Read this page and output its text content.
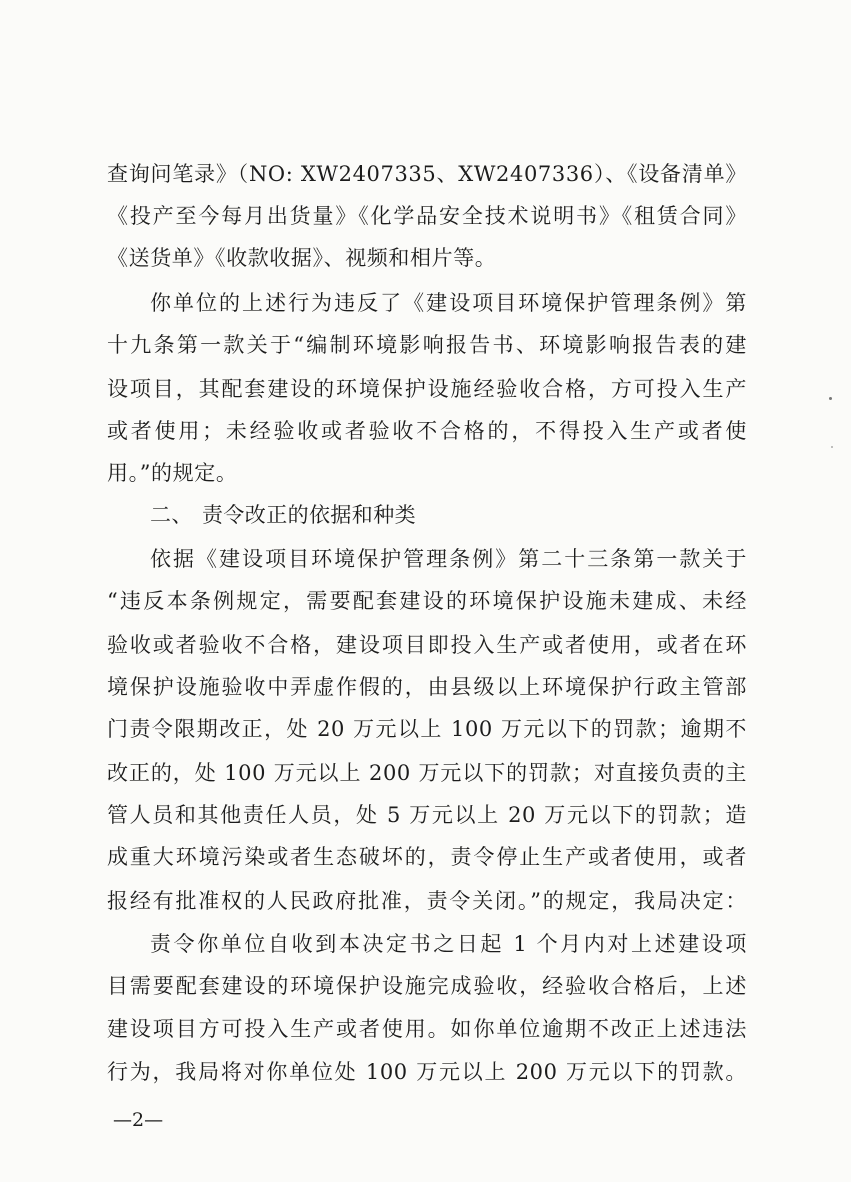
查询问笔录》（NO: XW2407335、XW2407336）、《设备清单》
《投产至今每月出货量》《化学品安全技术说明书》《租赁合同》
《送货单》《收款收据》、视频和相片等。
你单位的上述行为违反了《建设项目环境保护管理条例》第
十九条第一款关于“编制环境影响报告书、环境影响报告表的建
设项目，其配套建设的环境保护设施经验收合格，方可投入生产
或者使用；未经验收或者验收不合格的，不得投入生产或者使
用。”的规定。
二、 责令改正的依据和种类
依据《建设项目环境保护管理条例》第二十三条第一款关于
“违反本条例规定，需要配套建设的环境保护设施未建成、未经
验收或者验收不合格，建设项目即投入生产或者使用，或者在环
境保护设施验收中弄虚作假的，由县级以上环境保护行政主管部
门责令限期改正，处 20 万元以上 100 万元以下的罚款；逾期不
改正的，处 100 万元以上 200 万元以下的罚款；对直接负责的主
管人员和其他责任人员，处 5 万元以上 20 万元以下的罚款；造
成重大环境污染或者生态破坏的，责令停止生产或者使用，或者
报经有批准权的人民政府批准，责令关闭。”的规定，我局决定：
责令你单位自收到本决定书之日起 1 个月内对上述建设项
目需要配套建设的环境保护设施完成验收，经验收合格后，上述
建设项目方可投入生产或者使用。如你单位逾期不改正上述违法
行为，我局将对你单位处 100 万元以上 200 万元以下的罚款。
—2—
